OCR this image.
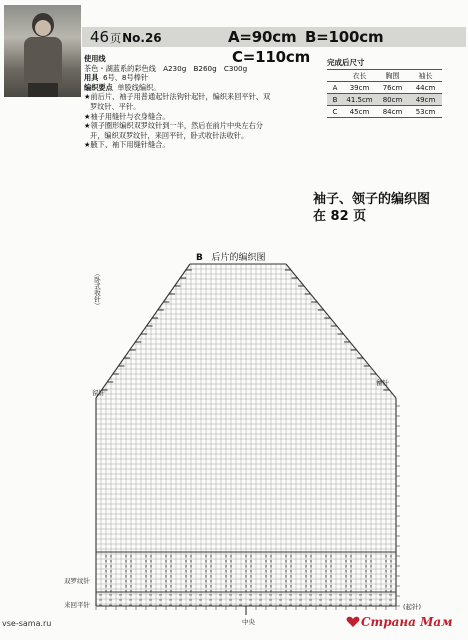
46页No.26	A=90cm B=100cm C=110cm
使用线
茶色・湖蓝系的彩色线　A230g　B260g　C300g
用具 6号、8号棒针
编织要点 单股线编织。
★前后片、袖子用普通起针法钩针起针，编织来回平针、双
罗纹针、平针。
★袖子用缝针与衣身缝合。
★领子圈形编织双罗纹针到一半，然后在前片中央左右分
开，编织双罗纹针，来回平针，卧式收针法收针。
★腋下、袖下用缝针缝合。
完成后尺寸
	衣长	胸围	袖长
A	39cm	76cm	44cm
B	41.5cm	80cm	49cm
C	45cm	84cm	53cm
袖子、领子的编织图
在 82 页
B 后片的编织图
（卧式收针）
留针
留针
双罗纹针
来回平针	(起针)
中央
vse-sama.ru	Страна Мам
